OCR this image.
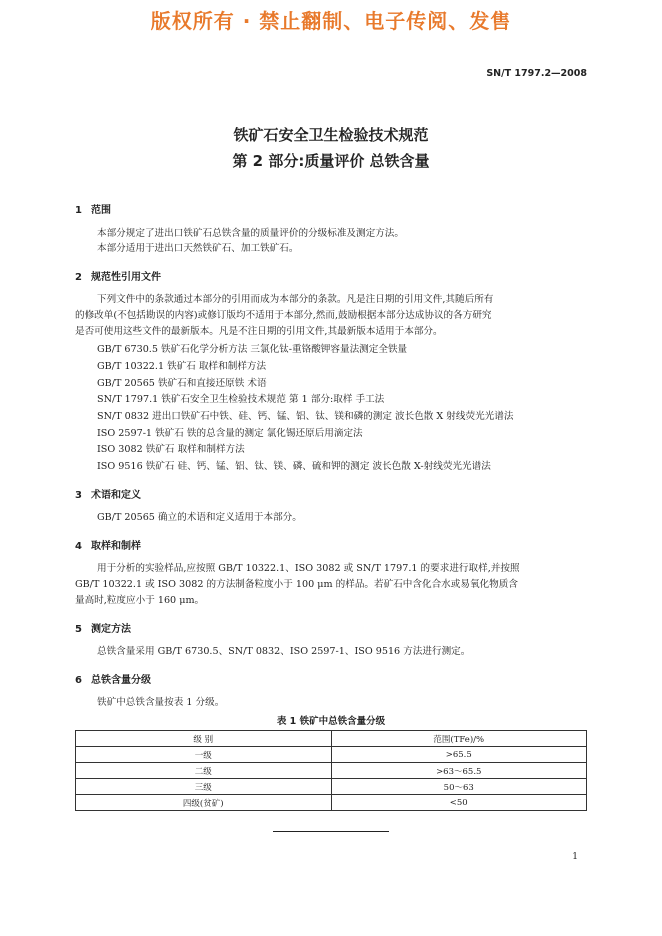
版权所有 · 禁止翻制、电子传阅、发售
SN/T 1797.2—2008
铁矿石安全卫生检验技术规范
第 2 部分:质量评价 总铁含量
1 范围
本部分规定了进出口铁矿石总铁含量的质量评价的分级标准及测定方法。
本部分适用于进出口天然铁矿石、加工铁矿石。
2 规范性引用文件
下列文件中的条款通过本部分的引用而成为本部分的条款。凡是注日期的引用文件,其随后所有
的修改单(不包括勘误的内容)或修订版均不适用于本部分,然而,鼓励根据本部分达成协议的各方研究
是否可使用这些文件的最新版本。凡是不注日期的引用文件,其最新版本适用于本部分。
GB/T 6730.5 铁矿石化学分析方法 三氯化钛-重铬酸钾容量法测定全铁量
GB/T 10322.1 铁矿石 取样和制样方法
GB/T 20565 铁矿石和直接还原铁 术语
SN/T 1797.1 铁矿石安全卫生检验技术规范 第 1 部分:取样 手工法
SN/T 0832 进出口铁矿石中铁、硅、钙、锰、铝、钛、镁和磷的测定 波长色散 X 射线荧光光谱法
ISO 2597-1 铁矿石 铁的总含量的测定 氯化锡还原后用滴定法
ISO 3082 铁矿石 取样和制样方法
ISO 9516 铁矿石 硅、钙、锰、铝、钛、镁、磷、硫和钾的测定 波长色散 X-射线荧光光谱法
3 术语和定义
GB/T 20565 确立的术语和定义适用于本部分。
4 取样和制样
用于分析的实验样品,应按照 GB/T 10322.1、ISO 3082 或 SN/T 1797.1 的要求进行取样,并按照
GB/T 10322.1 或 ISO 3082 的方法制备粒度小于 100 μm 的样品。若矿石中含化合水或易氧化物质含
量高时,粒度应小于 160 μm。
5 测定方法
总铁含量采用 GB/T 6730.5、SN/T 0832、ISO 2597-1、ISO 9516 方法进行测定。
6 总铁含量分级
铁矿中总铁含量按表 1 分级。
表 1 铁矿中总铁含量分级
级 别	范围(TFe)/%
一级	>65.5
二级	>63～65.5
三级	50～63
四级(贫矿)	<50
1
